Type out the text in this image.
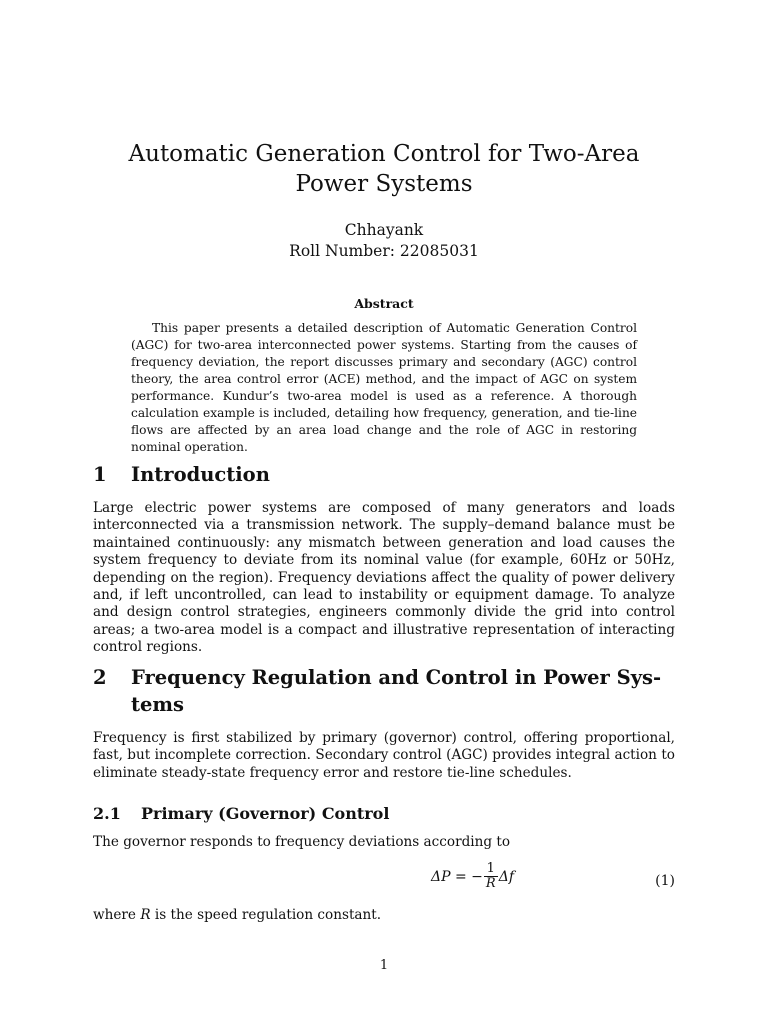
Automatic Generation Control for Two-Area Power Systems
Chhayank
Roll Number: 22085031
Abstract

This paper presents a detailed description of Automatic Generation Control (AGC) for two-area interconnected power systems. Starting from the causes of frequency deviation, the report discusses primary and secondary (AGC) control theory, the area control error (ACE) method, and the impact of AGC on system performance. Kundur’s two-area model is used as a reference. A thorough calculation example is included, detailing how frequency, generation, and tie-line flows are affected by an area load change and the role of AGC in restoring nominal operation.

1 Introduction

Large electric power systems are composed of many generators and loads interconnected via a transmission network. The supply–demand balance must be maintained continuously: any mismatch between generation and load causes the system frequency to deviate from its nominal value (for example, 60Hz or 50Hz, depending on the region). Frequency deviations affect the quality of power delivery and, if left uncontrolled, can lead to instability or equipment damage. To analyze and design control strategies, engineers commonly divide the grid into control areas; a two-area model is a compact and illustrative representation of interacting control regions.

2 Frequency Regulation and Control in Power Sys-
tems

Frequency is first stabilized by primary (governor) control, offering proportional, fast, but incomplete correction. Secondary control (AGC) provides integral action to eliminate steady-state frequency error and restore tie-line schedules.

2.1 Primary (Governor) Control

The governor responds to frequency deviations according to

ΔP = − $\frac{1}{R}$ Δf	(1)

where R is the speed regulation constant.

1
